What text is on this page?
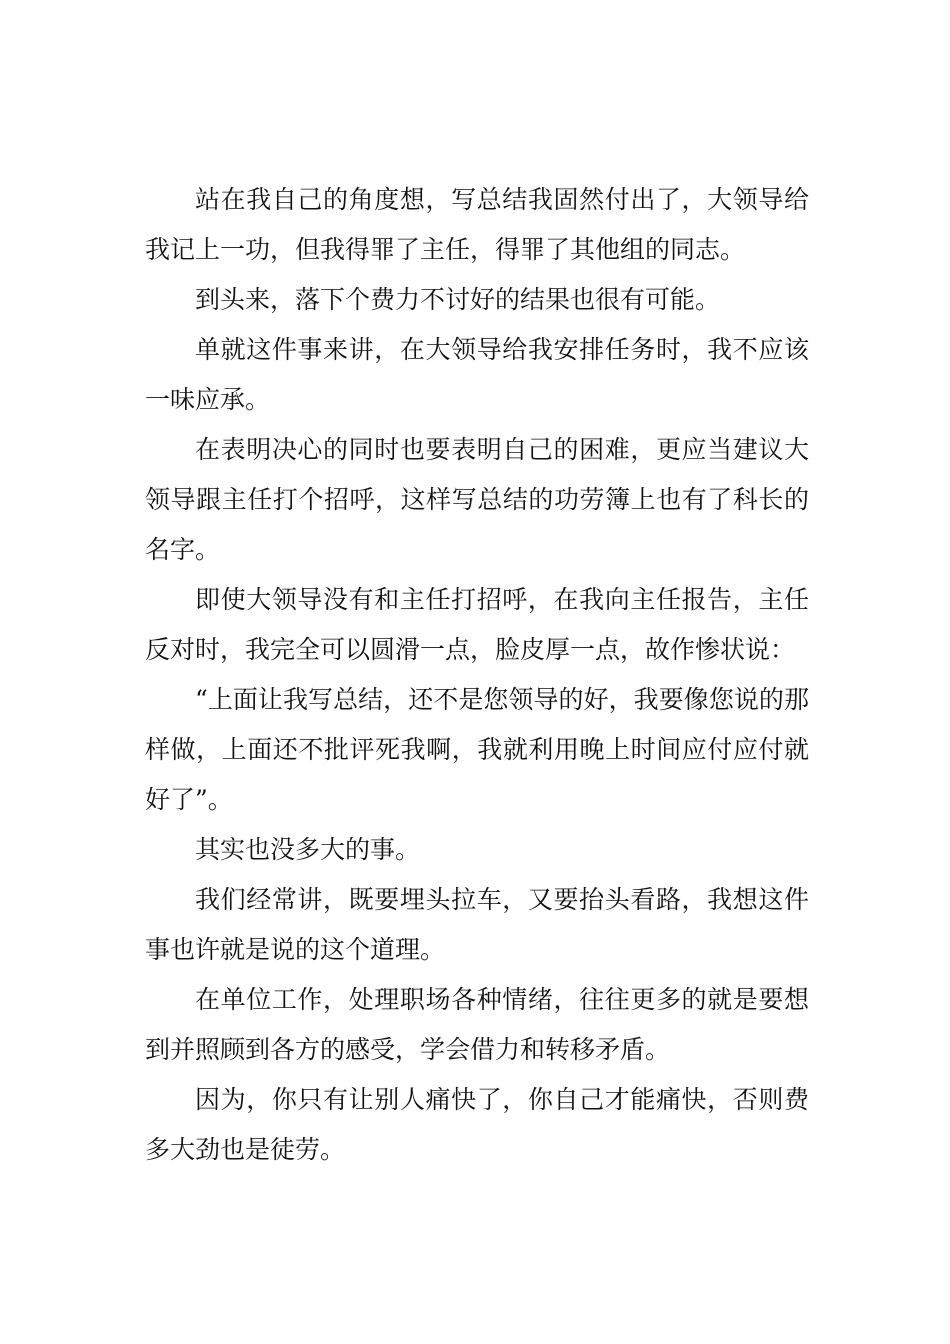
站在我自己的角度想，写总结我固然付出了，大领导给我记上一功，但我得罪了主任，得罪了其他组的同志。

到头来，落下个费力不讨好的结果也很有可能。

单就这件事来讲，在大领导给我安排任务时，我不应该一味应承。

在表明决心的同时也要表明自己的困难，更应当建议大领导跟主任打个招呼，这样写总结的功劳簿上也有了科长的名字。

即使大领导没有和主任打招呼，在我向主任报告，主任反对时，我完全可以圆滑一点，脸皮厚一点，故作惨状说：

“上面让我写总结，还不是您领导的好，我要像您说的那样做，上面还不批评死我啊，我就利用晚上时间应付应付就好了”。

其实也没多大的事。

我们经常讲，既要埋头拉车，又要抬头看路，我想这件事也许就是说的这个道理。

在单位工作，处理职场各种情绪，往往更多的就是要想到并照顾到各方的感受，学会借力和转移矛盾。

因为，你只有让别人痛快了，你自己才能痛快，否则费多大劲也是徒劳。
